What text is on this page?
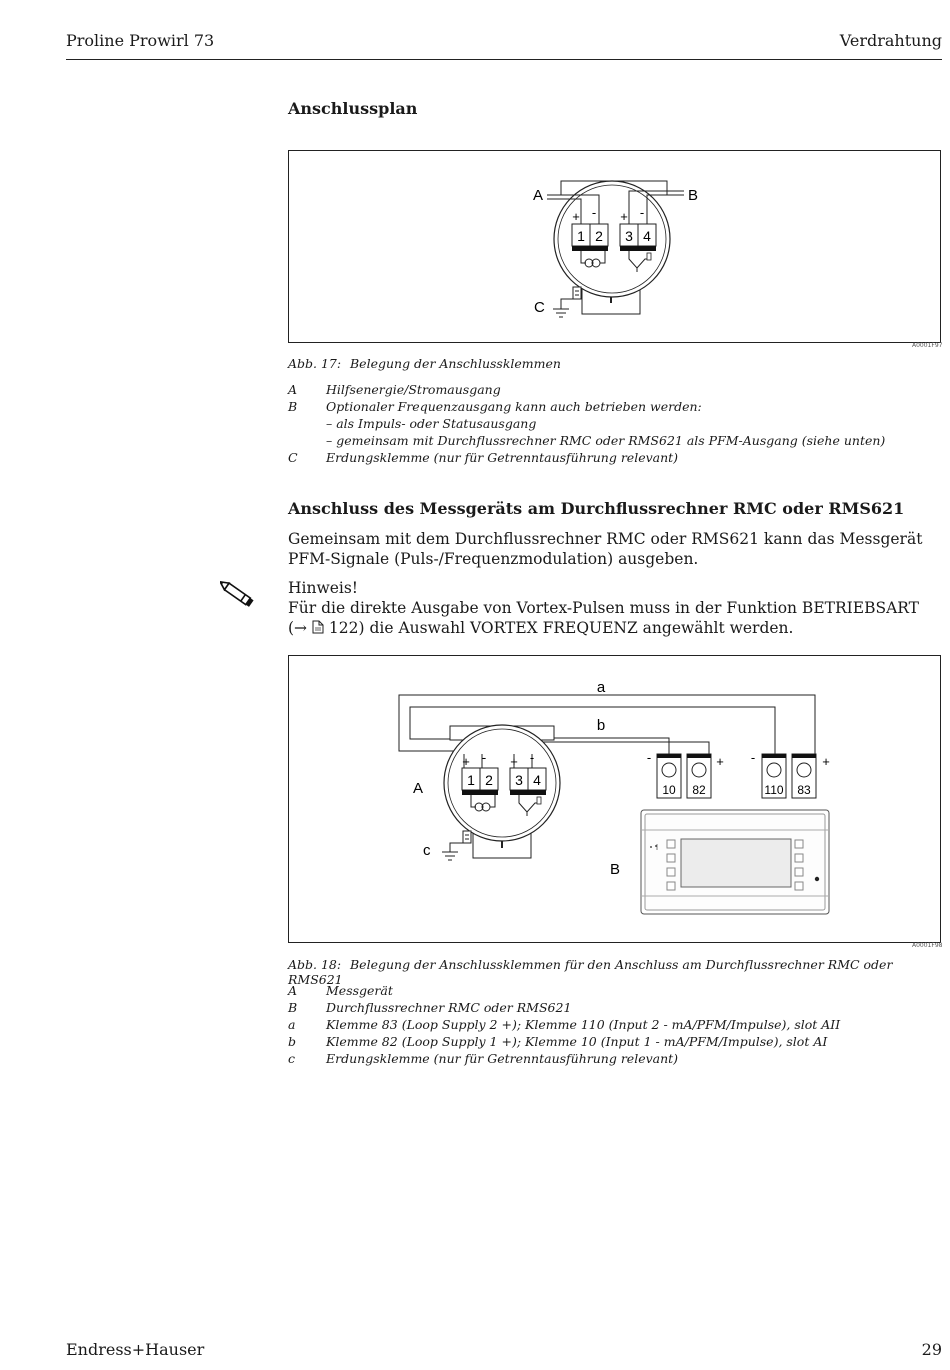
Proline Prowirl 73	Verdrahtung
Anschlussplan
1 2 3 4
+ - + -
A	B
C
A0001F97
Abb. 17: Belegung der Anschlussklemmen
A	Hilfsenergie/Stromausgang
B	Optionaler Frequenzausgang kann auch betrieben werden:
– als Impuls- oder Statusausgang
– gemeinsam mit Durchflussrechner RMC oder RMS621 als PFM-Ausgang (siehe unten)
C	Erdungsklemme (nur für Getrenntausführung relevant)
Anschluss des Messgeräts am Durchflussrechner RMC oder RMS621
Gemeinsam mit dem Durchflussrechner RMC oder RMS621 kann das Messgerät PFM-Signale (Puls-/Frequenzmodulation) ausgeben.
Hinweis!
Für die direkte Ausgabe von Vortex-Pulsen muss in der Funktion BETRIEBSART (→  122) die Auswahl VORTEX FREQUENZ angewählt werden.
1 2 3 4
+ - + -
10 82	110 83
-	+ -	+
a
b
A
B
c
A0001F98
Abb. 18: Belegung der Anschlussklemmen für den Anschluss am Durchflussrechner RMC oder RMS621
A	Messgerät
B	Durchflussrechner RMC oder RMS621
a	Klemme 83 (Loop Supply 2 +); Klemme 110 (Input 2 - mA/PFM/Impulse), slot AII
b	Klemme 82 (Loop Supply 1 +); Klemme 10 (Input 1 - mA/PFM/Impulse), slot AI
c	Erdungsklemme (nur für Getrenntausführung relevant)
Endress+Hauser	29
